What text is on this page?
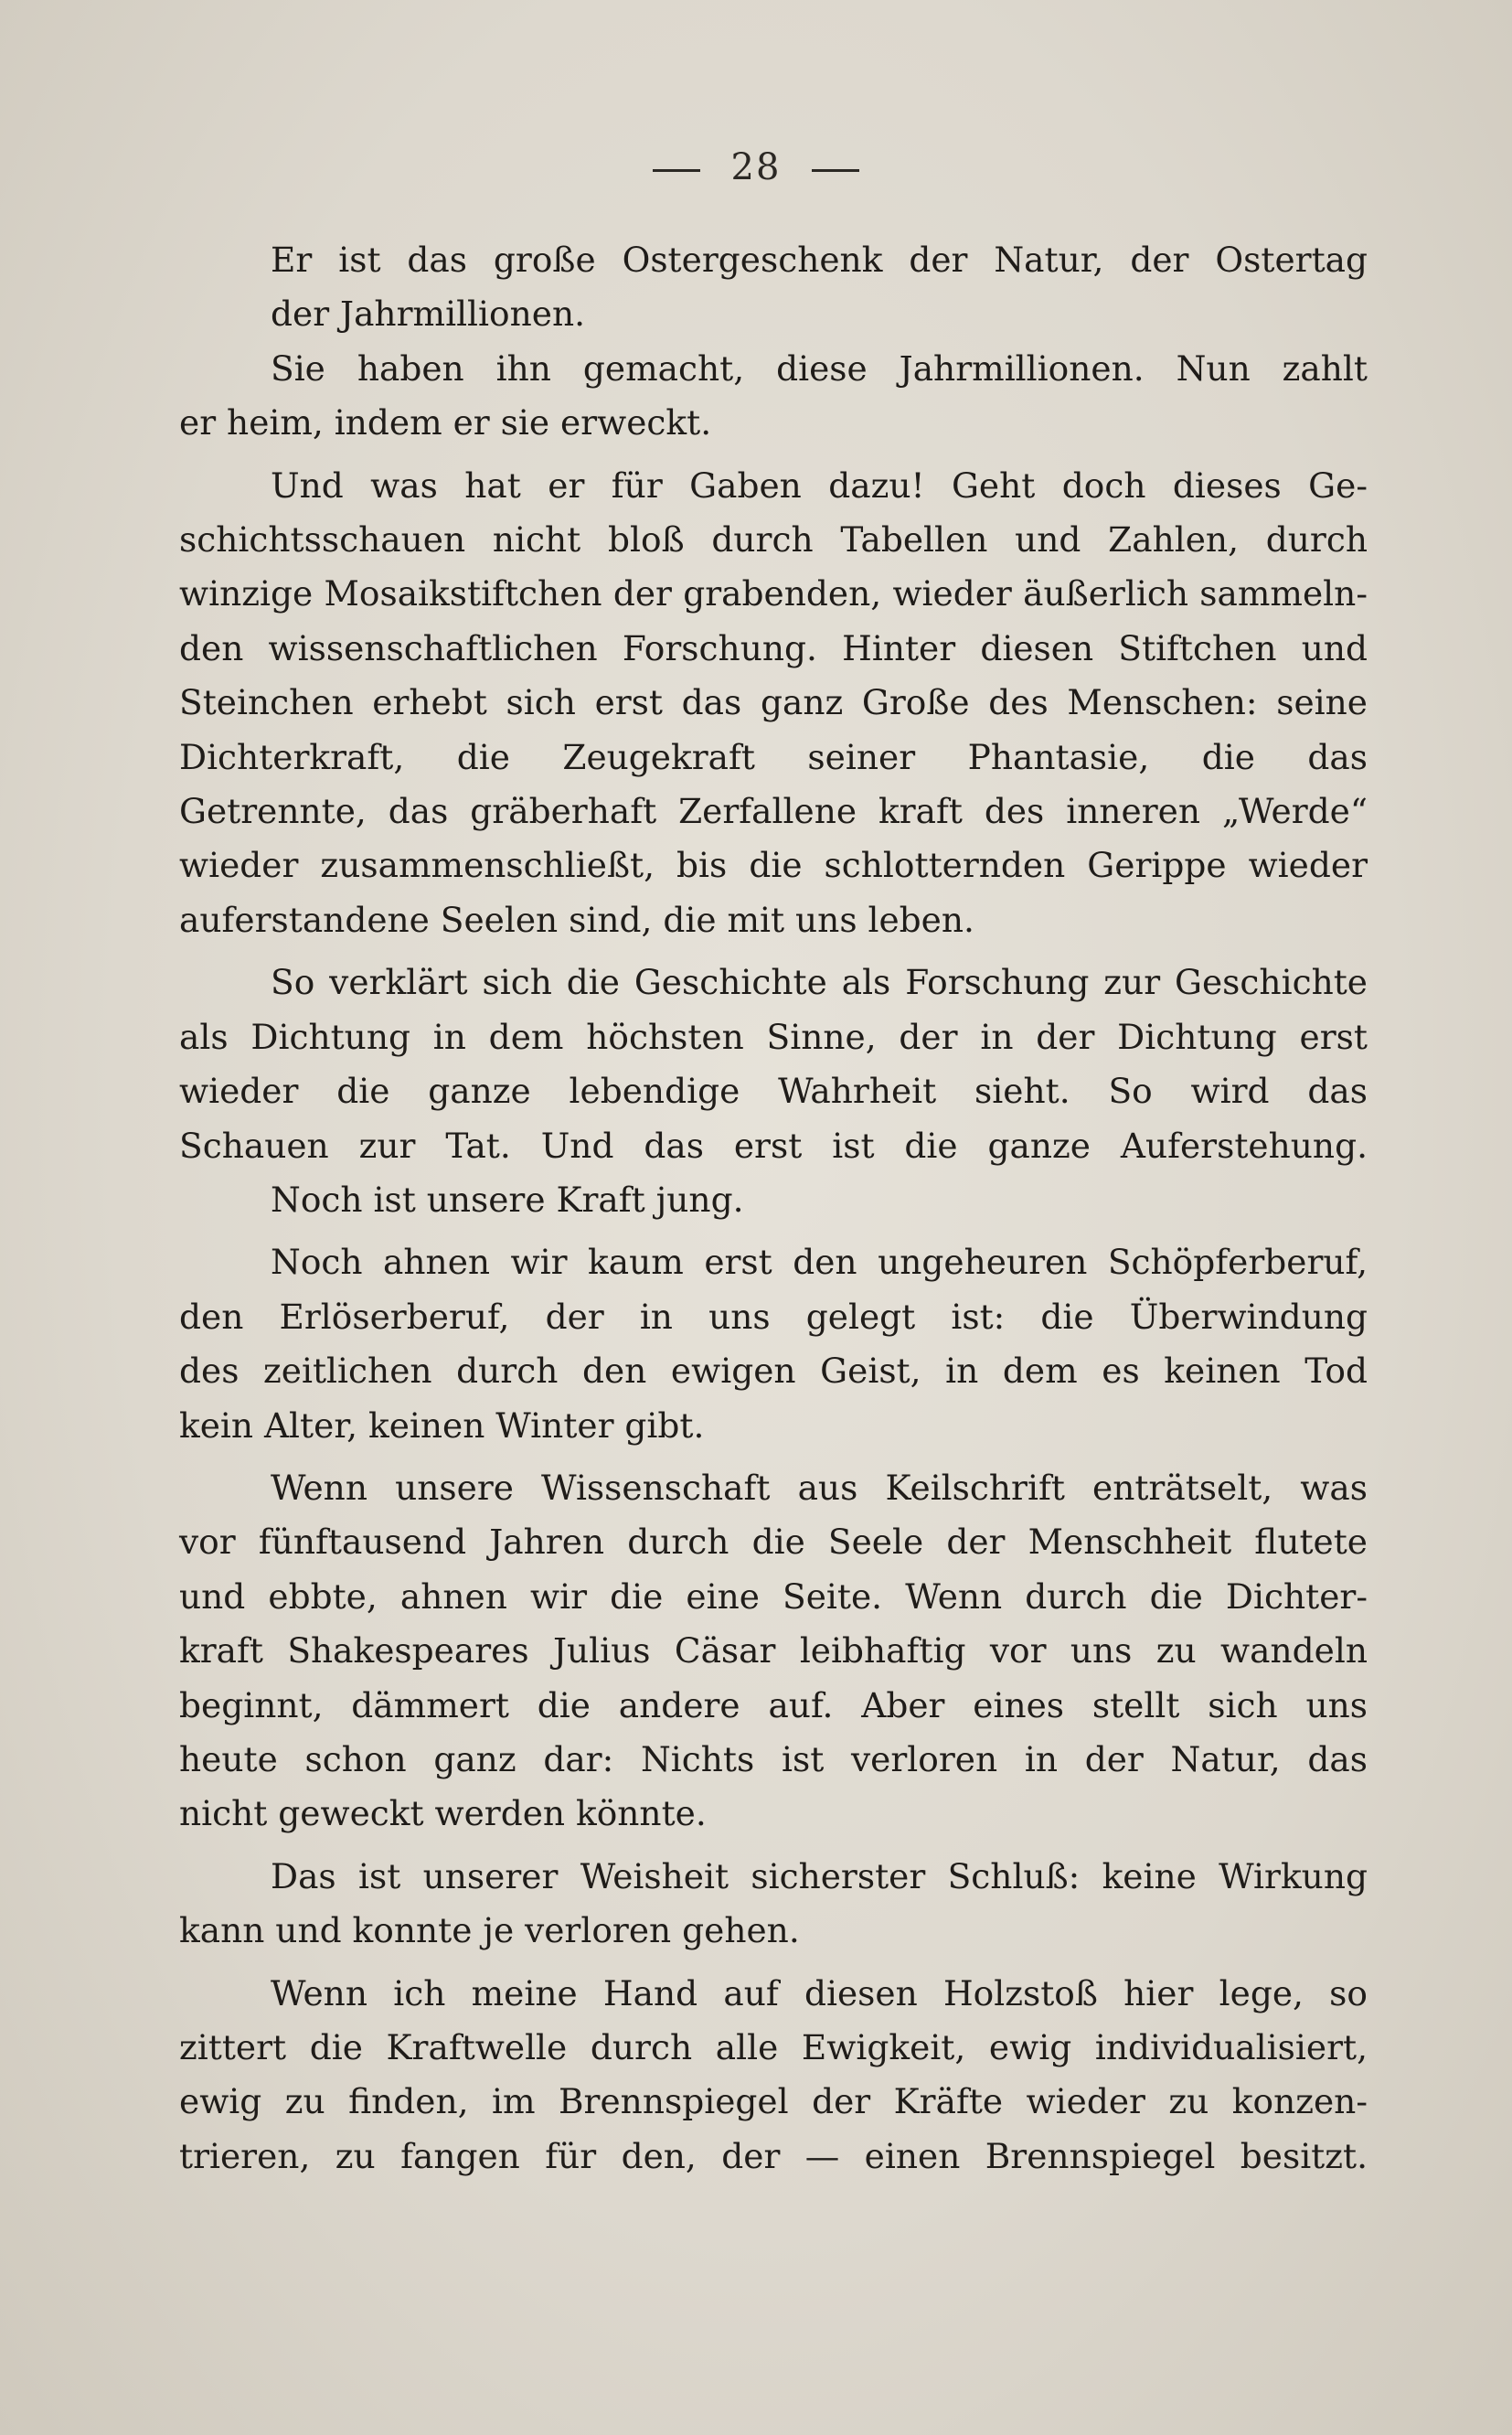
28
Er ist das große Ostergeschenk der Natur, der Ostertag
der Jahrmillionen.
Sie haben ihn gemacht, diese Jahrmillionen. Nun zahlt
er heim, indem er sie erweckt.
Und was hat er für Gaben dazu! Geht doch dieses Ge-
schichtsschauen nicht bloß durch Tabellen und Zahlen, durch
winzige Mosaikstiftchen der grabenden, wieder äußerlich sammeln-
den wissenschaftlichen Forschung. Hinter diesen Stiftchen und
Steinchen erhebt sich erst das ganz Große des Menschen: seine
Dichterkraft, die Zeugekraft seiner Phantasie, die das
Getrennte, das gräberhaft Zerfallene kraft des inneren „Werde“
wieder zusammenschließt, bis die schlotternden Gerippe wieder
auferstandene Seelen sind, die mit uns leben.
So verklärt sich die Geschichte als Forschung zur Geschichte
als Dichtung in dem höchsten Sinne, der in der Dichtung erst
wieder die ganze lebendige Wahrheit sieht. So wird das
Schauen zur Tat. Und das erst ist die ganze Auferstehung.
Noch ist unsere Kraft jung.
Noch ahnen wir kaum erst den ungeheuren Schöpferberuf,
den Erlöserberuf, der in uns gelegt ist: die Überwindung
des zeitlichen durch den ewigen Geist, in dem es keinen Tod
kein Alter, keinen Winter gibt.
Wenn unsere Wissenschaft aus Keilschrift enträtselt, was
vor fünftausend Jahren durch die Seele der Menschheit flutete
und ebbte, ahnen wir die eine Seite. Wenn durch die Dichter-
kraft Shakespeares Julius Cäsar leibhaftig vor uns zu wandeln
beginnt, dämmert die andere auf. Aber eines stellt sich uns
heute schon ganz dar: Nichts ist verloren in der Natur, das
nicht geweckt werden könnte.
Das ist unserer Weisheit sicherster Schluß: keine Wirkung
kann und konnte je verloren gehen.
Wenn ich meine Hand auf diesen Holzstoß hier lege, so
zittert die Kraftwelle durch alle Ewigkeit, ewig individualisiert,
ewig zu finden, im Brennspiegel der Kräfte wieder zu konzen-
trieren, zu fangen für den, der — einen Brennspiegel besitzt.
